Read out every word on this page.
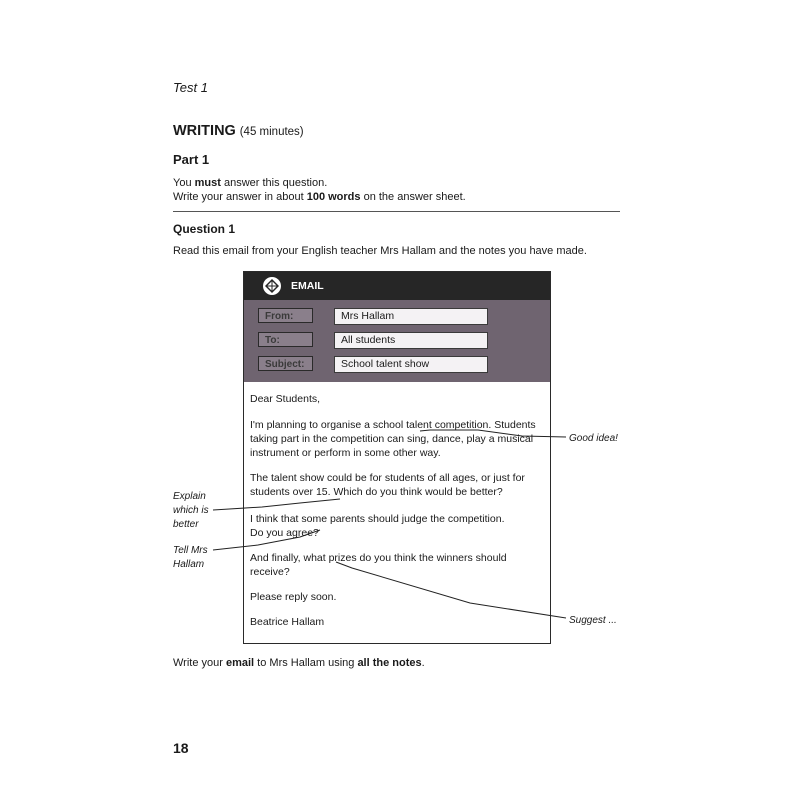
Test 1
WRITING (45 minutes)
Part 1
You must answer this question.
Write your answer in about 100 words on the answer sheet.
Question 1
Read this email from your English teacher Mrs Hallam and the notes you have made.
EMAIL
From:	Mrs Hallam
To:	All students
Subject:	School talent show
Dear Students,
I'm planning to organise a school talent competition. Students
taking part in the competition can sing, dance, play a musical
instrument or perform in some other way.
The talent show could be for students of all ages, or just for
students over 15. Which do you think would be better?
I think that some parents should judge the competition.
Do you agree?
And finally, what prizes do you think the winners should
receive?
Please reply soon.
Beatrice Hallam
Good idea!
Explain
which is
better
Tell Mrs
Hallam
Suggest ...
Write your email to Mrs Hallam using all the notes.
18
